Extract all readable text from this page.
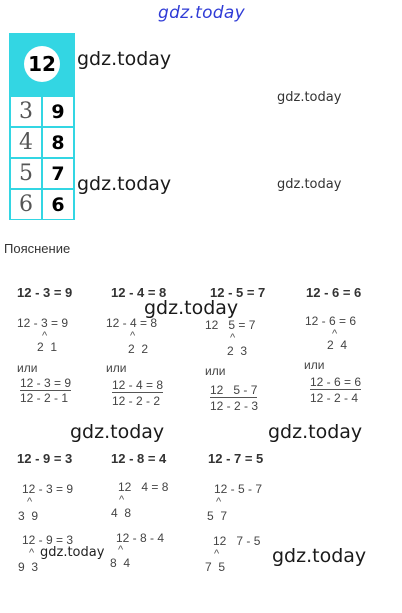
gdz.today
gdz.today
gdz.today
gdz.today	gdz.today
gdz.today
gdz.today	gdz.today
gdz.today
gdz.today
12
3 9
4 8
5 7
6 6
Пояснение
12 - 3 = 9	12 - 4 = 8	12 - 5 = 7	12 - 6 = 6
12 - 3 = 9
^
2  1
или
12 - 3 = 9
12 - 2 - 1
12 - 4 = 8
^
2  2
или
12 - 4 = 8
12 - 2 - 2
12   5 = 7
^
2  3
или
12   5 - 7
12 - 2 - 3
12 - 6 = 6
^
2  4
или
12 - 6 = 6
12 - 2 - 4
12 - 9 = 3	12 - 8 = 4	12 - 7 = 5
12 - 3 = 9
^
3  9
12 - 9 = 3
^
9  3
12   4 = 8
^
4  8
12 - 8 - 4
^
8  4
12 - 5 - 7
^
5  7
12   7 - 5
^
7  5
